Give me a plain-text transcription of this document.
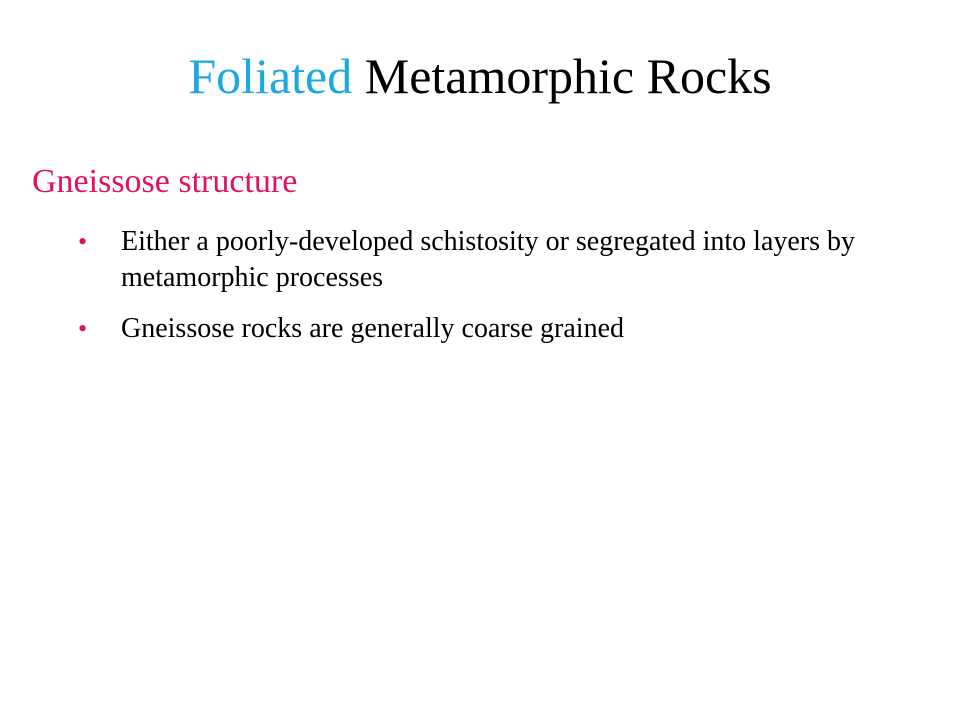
Foliated Metamorphic Rocks
Gneissose structure
• Either a poorly-developed schistosity or segregated into layers by metamorphic processes
• Gneissose rocks are generally coarse grained
